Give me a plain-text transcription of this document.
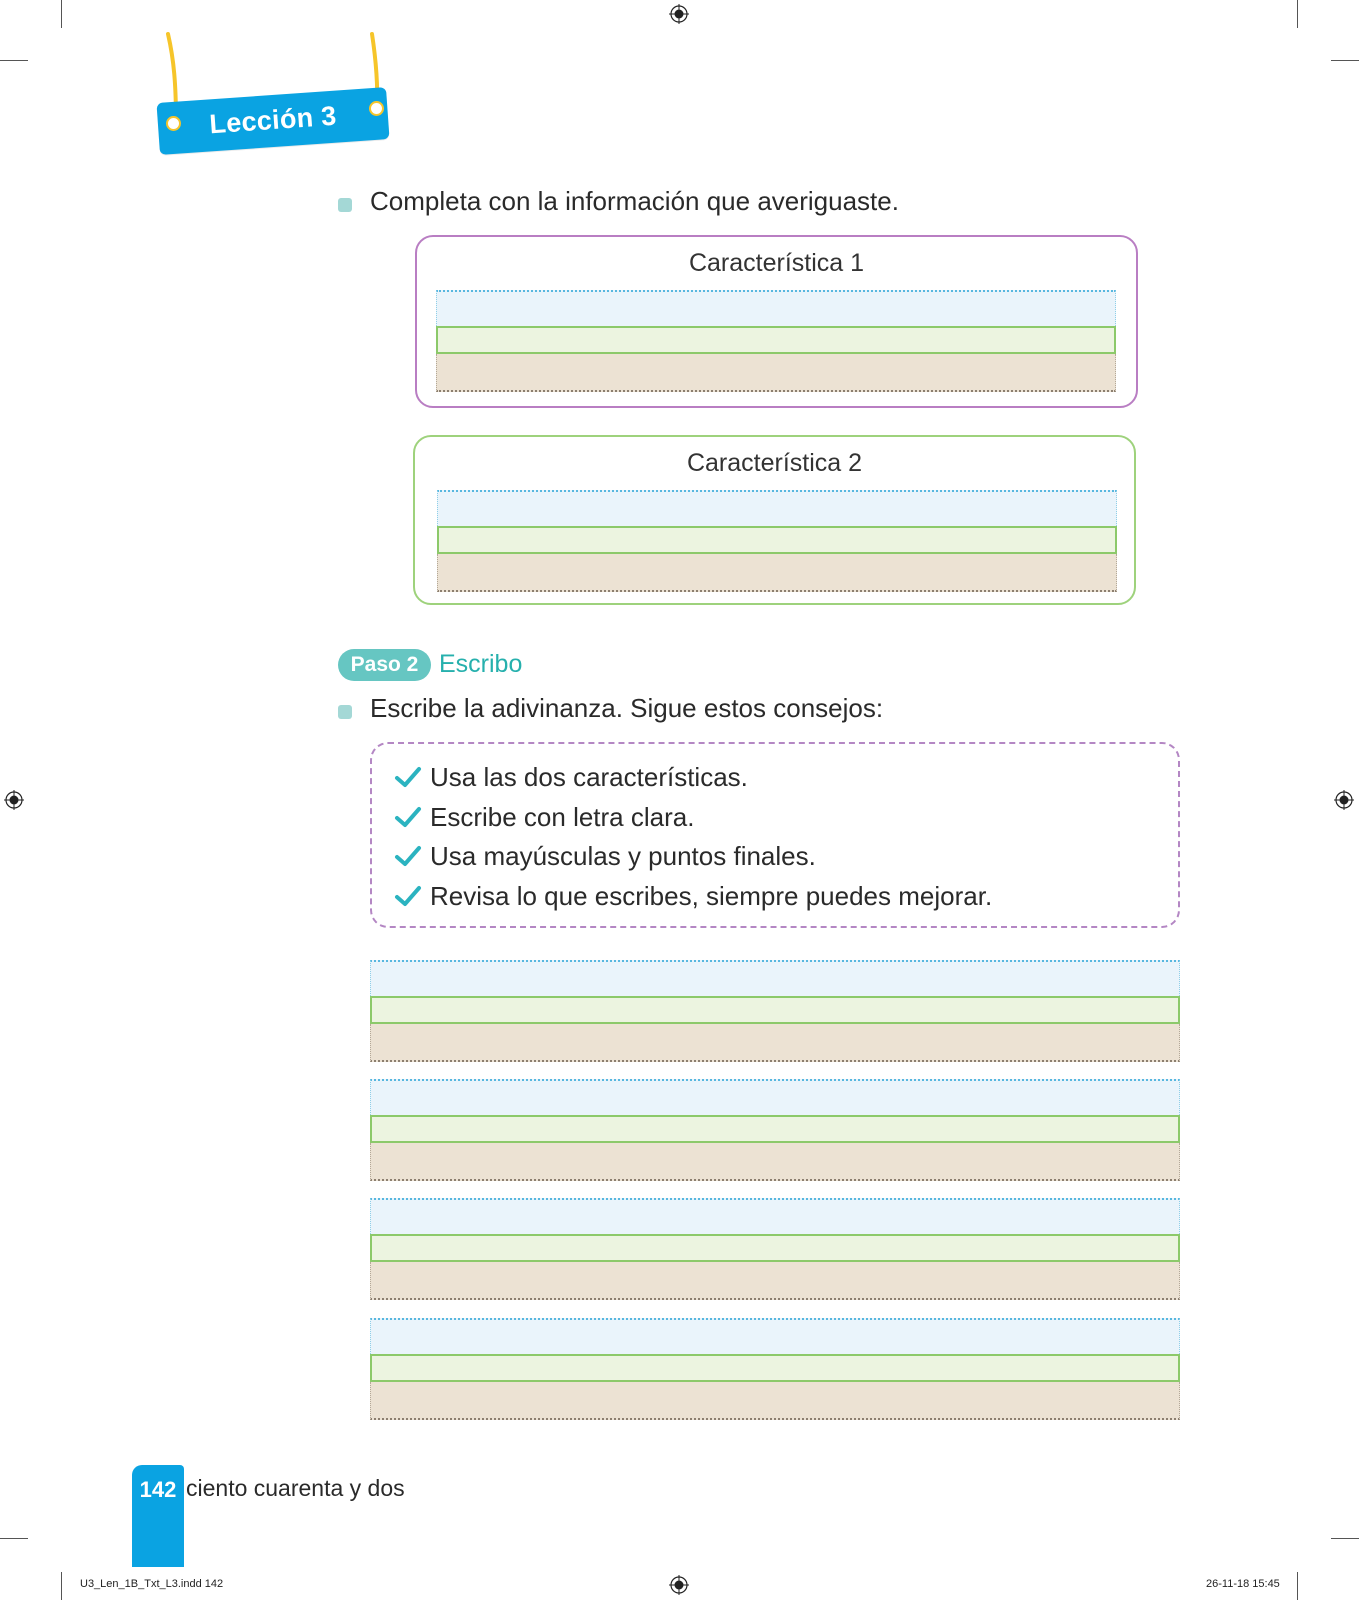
Lección 3
Completa con la información que averiguaste.
Característica 1
Característica 2
Paso 2 Escribo
Escribe la adivinanza. Sigue estos consejos:
Usa las dos características.
Escribe con letra clara.
Usa mayúsculas y puntos finales.
Revisa lo que escribes, siempre puedes mejorar.
142 ciento cuarenta y dos
U3_Len_1B_Txt_L3.indd 142	26-11-18 15:45
